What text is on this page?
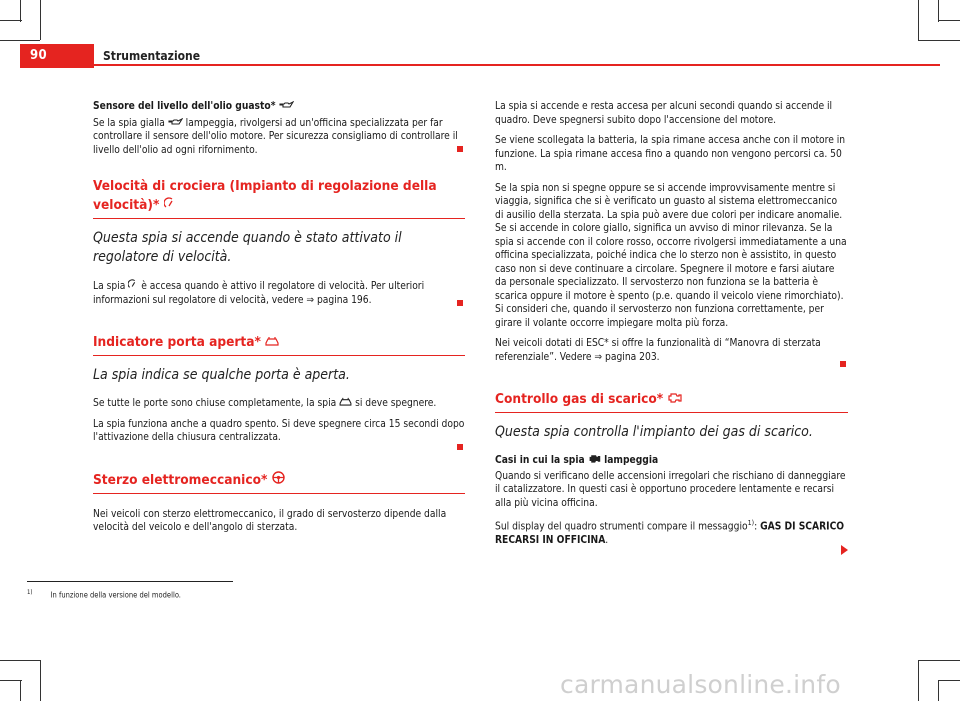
90	Strumentazione

Sensore del livello dell'olio guasto*

Se la spia gialla lampeggia, rivolgersi ad un'officina specializzata per far controllare il sensore dell'olio motore. Per sicurezza consigliamo di controllare il livello dell'olio ad ogni rifornimento.

Velocità di crociera (Impianto di regolazione della
velocità)*

Questa spia si accende quando è stato attivato il regolatore di velocità.

La spia è accesa quando è attivo il regolatore di velocità. Per ulteriori informazioni sul regolatore di velocità, vedere ⇒ pagina 196.

Indicatore porta aperta*

La spia indica se qualche porta è aperta.

Se tutte le porte sono chiuse completamente, la spia si deve spegnere.

La spia funziona anche a quadro spento. Si deve spegnere circa 15 secondi dopo l'attivazione della chiusura centralizzata.

Sterzo elettromeccanico*

Nei veicoli con sterzo elettromeccanico, il grado di servosterzo dipende dalla velocità del veicolo e dell'angolo di sterzata.

La spia si accende e resta accesa per alcuni secondi quando si accende il quadro. Deve spegnersi subito dopo l'accensione del motore.

Se viene scollegata la batteria, la spia rimane accesa anche con il motore in funzione. La spia rimane accesa fino a quando non vengono percorsi ca. 50 m.

Se la spia non si spegne oppure se si accende improvvisamente mentre si viaggia, significa che si è verificato un guasto al sistema elettromeccanico di ausilio della sterzata. La spia può avere due colori per indicare anomalie. Se si accende in colore giallo, significa un avviso di minor rilevanza. Se la spia si accende con il colore rosso, occorre rivolgersi immediatamente a una officina specializzata, poiché indica che lo sterzo non è assistito, in questo caso non si deve continuare a circolare. Spegnere il motore e farsi aiutare da personale specializzato. Il servosterzo non funziona se la batteria è scarica oppure il motore è spento (p.e. quando il veicolo viene rimorchiato). Si consideri che, quando il servosterzo non funziona correttamente, per girare il volante occorre impiegare molta più forza.

Nei veicoli dotati di ESC* si offre la funzionalità di “Manovra di sterzata referenziale”. Vedere ⇒ pagina 203.

Controllo gas di scarico*

Questa spia controlla l'impianto dei gas di scarico.

Casi in cui la spia lampeggia

Quando si verificano delle accensioni irregolari che rischiano di danneggiare il catalizzatore. In questi casi è opportuno procedere lentamente e recarsi alla più vicina officina.

Sul display del quadro strumenti compare il messaggio$^{1)}$: GAS DI SCARICO RECARSI IN OFFICINA.

$^{1)}$ In funzione della versione del modello.
carmanualsonline.info
